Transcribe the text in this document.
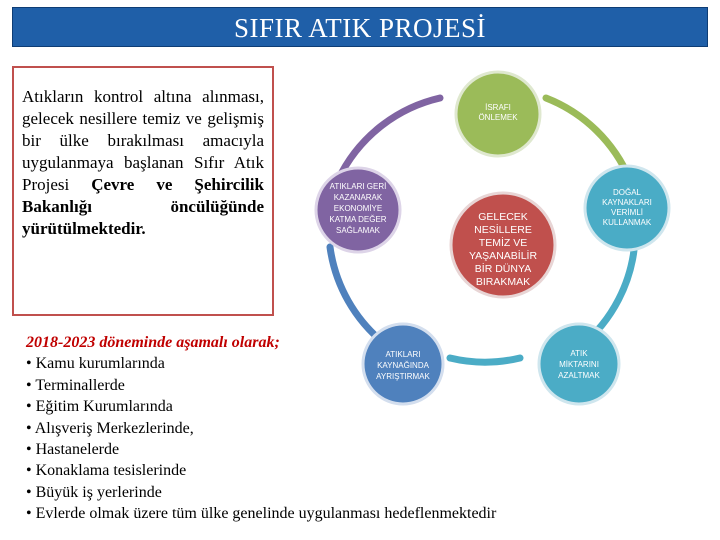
SIFIR ATIK PROJESİ

Atıkların kontrol altına alınması, gelecek nesillere temiz ve gelişmiş bir ülke bırakılması amacıyla uygulanmaya başlanan Sıfır Atık Projesi Çevre ve Şehircilik Bakanlığı öncülüğünde yürütülmektedir.

GELECEK
NESİLLERE
TEMİZ VE
YAŞANABİLİR
BİR DÜNYA
BIRAKMAK
İSRAFI
ÖNLEMEK
DOĞAL
KAYNAKLARI
VERİMLİ
KULLANMAK
ATIK
MİKTARINI
AZALTMAK
ATIKLARI
KAYNAĞINDA
AYRIŞTIRMAK
ATIKLARI GERİ
KAZANARAK
EKONOMİYE
KATMA DEĞER
SAĞLAMAK
2018-2023 döneminde aşamalı olarak;
• Kamu kurumlarında
• Terminallerde
• Eğitim Kurumlarında
• Alışveriş Merkezlerinde,
• Hastanelerde
• Konaklama tesislerinde
• Büyük iş yerlerinde
• Evlerde olmak üzere tüm ülke genelinde uygulanması hedeflenmektedir
